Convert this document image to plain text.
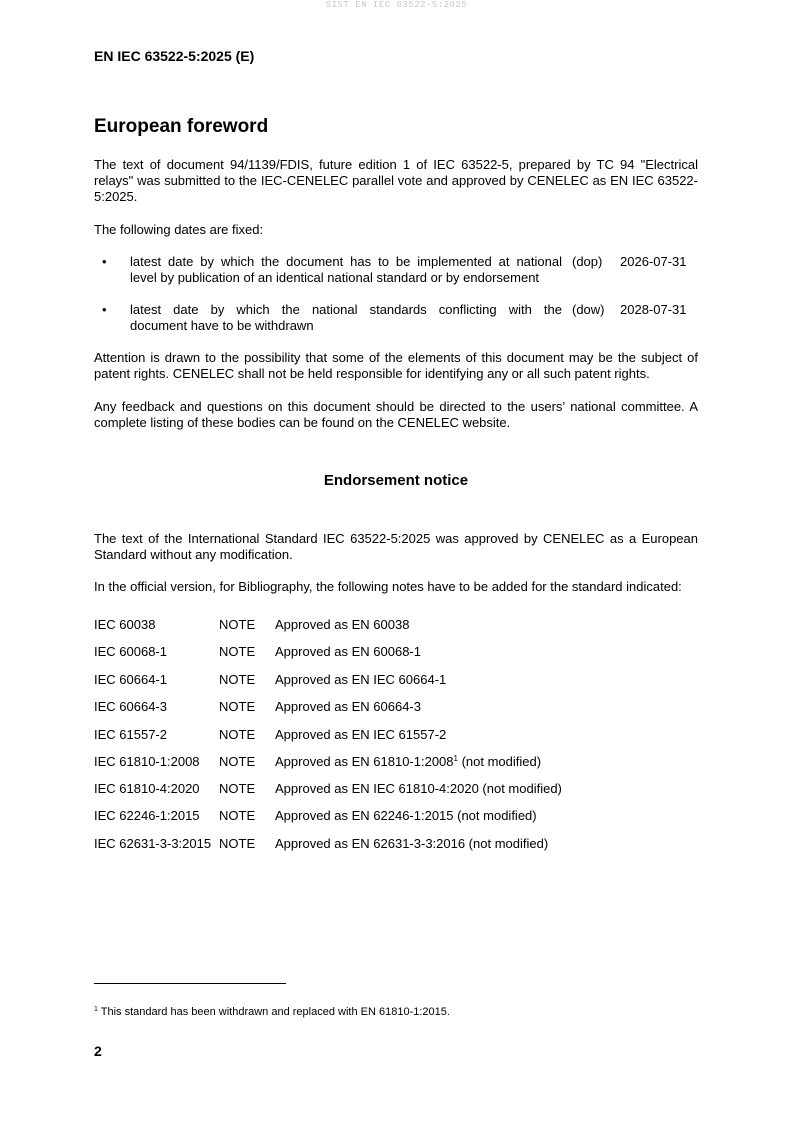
SIST EN IEC 63522-5:2025
EN IEC 63522-5:2025 (E)
European foreword

The text of document 94/1139/FDIS, future edition 1 of IEC 63522-5, prepared by TC 94 "Electrical relays" was submitted to the IEC-CENELEC parallel vote and approved by CENELEC as EN IEC 63522-5:2025.

The following dates are fixed:

• latest date by which the document has to be implemented at national
level by publication of an identical national standard or by endorsement
(dop) 2026-07-31
• latest date by which the national standards conflicting with the
document have to be withdrawn
(dow) 2028-07-31

Attention is drawn to the possibility that some of the elements of this document may be the subject of patent rights. CENELEC shall not be held responsible for identifying any or all such patent rights.

Any feedback and questions on this document should be directed to the users’ national committee. A complete listing of these bodies can be found on the CENELEC website.

Endorsement notice

The text of the International Standard IEC 63522-5:2025 was approved by CENELEC as a European Standard without any modification.

In the official version, for Bibliography, the following notes have to be added for the standard indicated:

IEC 60038	NOTE Approved as EN 60038
IEC 60068-1	NOTE Approved as EN 60068-1
IEC 60664-1	NOTE Approved as EN IEC 60664-1
IEC 60664-3	NOTE Approved as EN 60664-3
IEC 61557-2	NOTE Approved as EN IEC 61557-2
IEC 61810-1:2008 NOTE Approved as EN 61810-1:2008$^1$ (not modified)
IEC 61810-4:2020 NOTE Approved as EN IEC 61810-4:2020 (not modified)
IEC 62246-1:2015 NOTE Approved as EN 62246-1:2015 (not modified)
IEC 62631-3-3:2015 NOTE Approved as EN 62631-3-3:2016 (not modified)
$^1$ This standard has been withdrawn and replaced with EN 61810-1:2015.
2
